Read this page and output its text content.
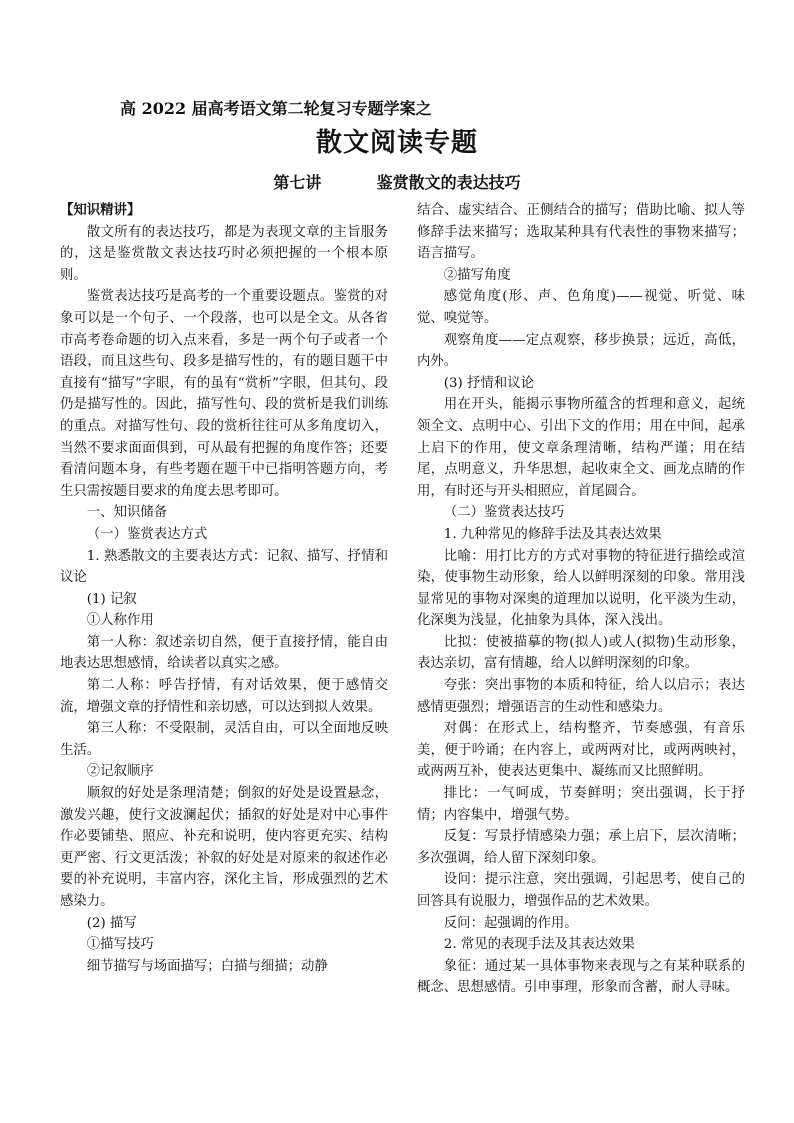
高 2022 届高考语文第二轮复习专题学案之
散文阅读专题
第七讲	鉴赏散文的表达技巧

【知识精讲】

散文所有的表达技巧，都是为表现文章的主旨服务的，这是鉴赏散文表达技巧时必须把握的一个根本原则。

鉴赏表达技巧是高考的一个重要设题点。鉴赏的对象可以是一个句子、一个段落，也可以是全文。从各省市高考卷命题的切入点来看，多是一两个句子或者一个语段，而且这些句、段多是描写性的，有的题目题干中直接有“描写”字眼，有的虽有“赏析”字眼，但其句、段仍是描写性的。因此，描写性句、段的赏析是我们训练的重点。对描写性句、段的赏析往往可从多角度切入，当然不要求面面俱到，可从最有把握的角度作答；还要看清问题本身，有些考题在题干中已指明答题方向，考生只需按题目要求的角度去思考即可。

一、知识储备

（一）鉴赏表达方式

1. 熟悉散文的主要表达方式：记叙、描写、抒情和议论

(1) 记叙

①人称作用

第一人称：叙述亲切自然，便于直接抒情，能自由地表达思想感情，给读者以真实之感。

第二人称：呼告抒情，有对话效果，便于感情交流，增强文章的抒情性和亲切感，可以达到拟人效果。

第三人称：不受限制，灵活自由，可以全面地反映生活。

②记叙顺序

顺叙的好处是条理清楚；倒叙的好处是设置悬念，激发兴趣，使行文波澜起伏；插叙的好处是对中心事件作必要铺垫、照应、补充和说明，使内容更充实、结构更严密、行文更活泼；补叙的好处是对原来的叙述作必要的补充说明，丰富内容，深化主旨，形成强烈的艺术感染力。

(2) 描写

①描写技巧

细节描写与场面描写；白描与细描；动静

结合、虚实结合、正侧结合的描写；借助比喻、拟人等修辞手法来描写；选取某种具有代表性的事物来描写；语言描写。

②描写角度

感觉角度(形、声、色角度)——视觉、听觉、味觉、嗅觉等。

观察角度——定点观察，移步换景；远近，高低，内外。

(3) 抒情和议论

用在开头，能揭示事物所蕴含的哲理和意义，起统领全文、点明中心、引出下文的作用；用在中间，起承上启下的作用，使文章条理清晰，结构严谨；用在结尾，点明意义，升华思想，起收束全文、画龙点睛的作用，有时还与开头相照应，首尾圆合。

（二）鉴赏表达技巧

1. 九种常见的修辞手法及其表达效果

比喻：用打比方的方式对事物的特征进行描绘或渲染，使事物生动形象，给人以鲜明深刻的印象。常用浅显常见的事物对深奥的道理加以说明，化平淡为生动，化深奥为浅显，化抽象为具体，深入浅出。

比拟：使被描摹的物(拟人)或人(拟物)生动形象，表达亲切，富有情趣，给人以鲜明深刻的印象。

夸张：突出事物的本质和特征，给人以启示；表达感情更强烈；增强语言的生动性和感染力。

对偶：在形式上，结构整齐，节奏感强，有音乐美，便于吟诵；在内容上，或两两对比，或两两映衬，或两两互补，使表达更集中、凝练而又比照鲜明。

排比：一气呵成，节奏鲜明；突出强调，长于抒情；内容集中，增强气势。

反复：写景抒情感染力强；承上启下，层次清晰；多次强调，给人留下深刻印象。

设问：提示注意，突出强调，引起思考，使自己的回答具有说服力，增强作品的艺术效果。

反问：起强调的作用。

2. 常见的表现手法及其表达效果

象征：通过某一具体事物来表现与之有某种联系的概念、思想感情。引申事理，形象而含蓄，耐人寻味。
